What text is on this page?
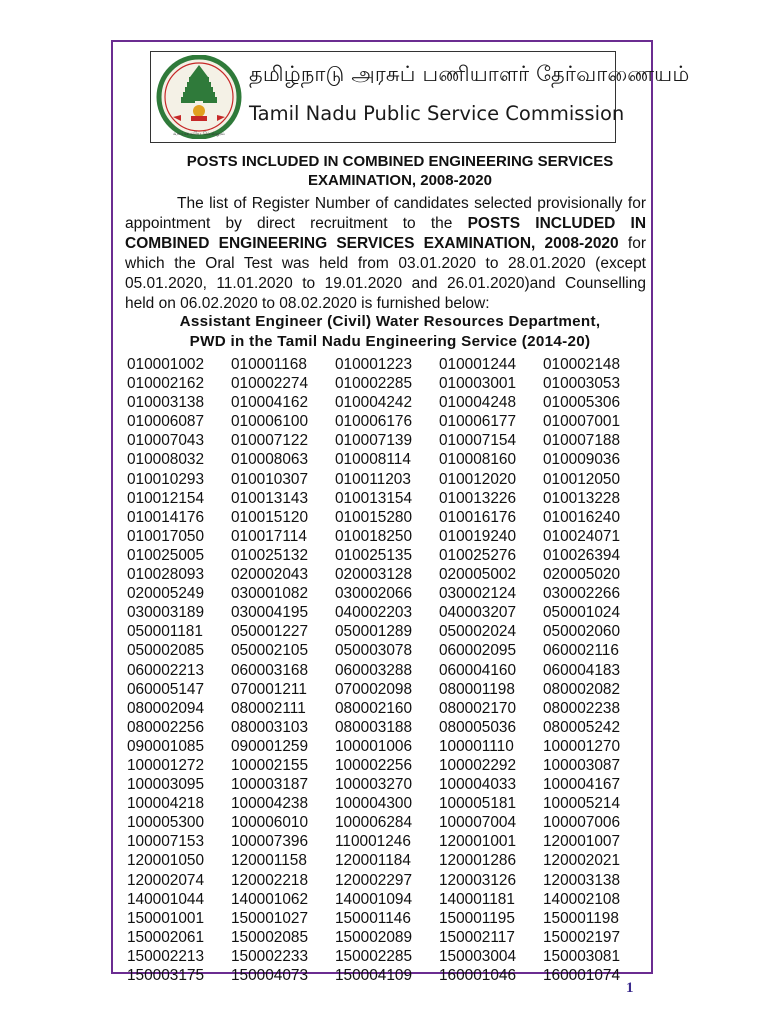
வாய்மையே வெல்லும்
தமிழ்நாடு அரசுப் பணியாளர் தேர்வாணையம்
Tamil Nadu Public Service Commission
POSTS INCLUDED IN COMBINED ENGINEERING SERVICES
EXAMINATION, 2008-2020
The list of Register Number of candidates selected provisionally for appointment by direct recruitment to the POSTS INCLUDED IN COMBINED ENGINEERING SERVICES EXAMINATION, 2008-2020 for which the Oral Test was held from 03.01.2020 to 28.01.2020 (except 05.01.2020, 11.01.2020 to 19.01.2020 and 26.01.2020)and Counselling held on 06.02.2020 to 08.02.2020 is furnished below:
Assistant Engineer (Civil) Water Resources Department,
PWD in the Tamil Nadu Engineering Service (2014-20)
010001002	010001168	010001223	010001244	010002148
010002162	010002274	010002285	010003001	010003053
010003138	010004162	010004242	010004248	010005306
010006087	010006100	010006176	010006177	010007001
010007043	010007122	010007139	010007154	010007188
010008032	010008063	010008114	010008160	010009036
010010293	010010307	010011203	010012020	010012050
010012154	010013143	010013154	010013226	010013228
010014176	010015120	010015280	010016176	010016240
010017050	010017114	010018250	010019240	010024071
010025005	010025132	010025135	010025276	010026394
010028093	020002043	020003128	020005002	020005020
020005249	030001082	030002066	030002124	030002266
030003189	030004195	040002203	040003207	050001024
050001181	050001227	050001289	050002024	050002060
050002085	050002105	050003078	060002095	060002116
060002213	060003168	060003288	060004160	060004183
060005147	070001211	070002098	080001198	080002082
080002094	080002111	080002160	080002170	080002238
080002256	080003103	080003188	080005036	080005242
090001085	090001259	100001006	100001110	100001270
100001272	100002155	100002256	100002292	100003087
100003095	100003187	100003270	100004033	100004167
100004218	100004238	100004300	100005181	100005214
100005300	100006010	100006284	100007004	100007006
100007153	100007396	110001246	120001001	120001007
120001050	120001158	120001184	120001286	120002021
120002074	120002218	120002297	120003126	120003138
140001044	140001062	140001094	140001181	140002108
150001001	150001027	150001146	150001195	150001198
150002061	150002085	150002089	150002117	150002197
150002213	150002233	150002285	150003004	150003081
150003175	150004073	150004109	160001046	160001074
1
